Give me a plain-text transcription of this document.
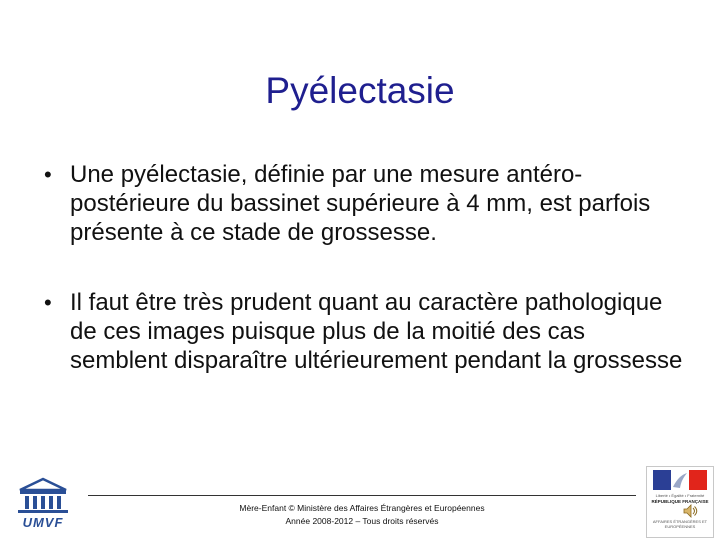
Pyélectasie
• Une pyélectasie, définie par une mesure antéro-postérieure du bassinet supérieure à 4 mm, est parfois présente à ce stade de grossesse.
• Il faut être très prudent quant au caractère pathologique de ces images puisque plus de la moitié des cas semblent disparaître ultérieurement pendant la grossesse
UMVF
Mère-Enfant © Ministère des Affaires Étrangères et Européennes
Année 2008-2012 – Tous droits réservés
Liberté • Égalité • Fraternité
RÉPUBLIQUE FRANÇAISE
AFFAIRES ÉTRANGÈRES ET EUROPÉENNES
